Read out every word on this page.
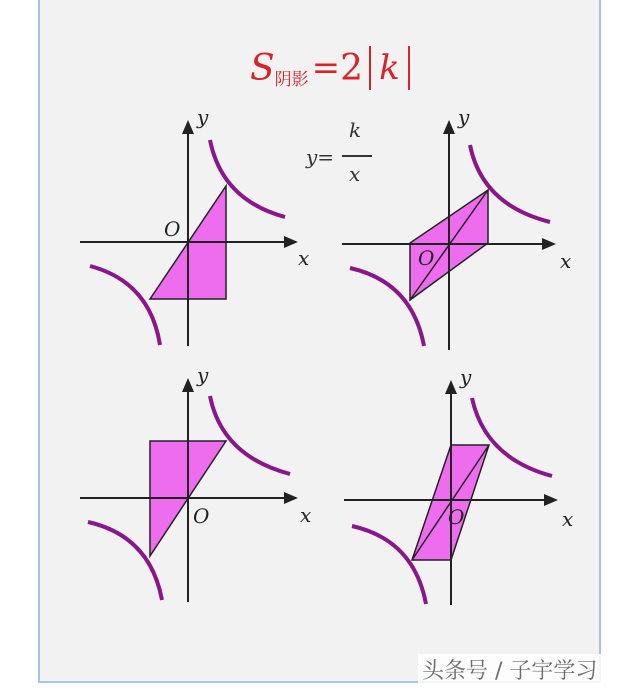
S 阴影 = 2 k
y=
k
x
y
x
O
y
x
O
y
x
O
y
x
O
头条号 / 子宇学习
